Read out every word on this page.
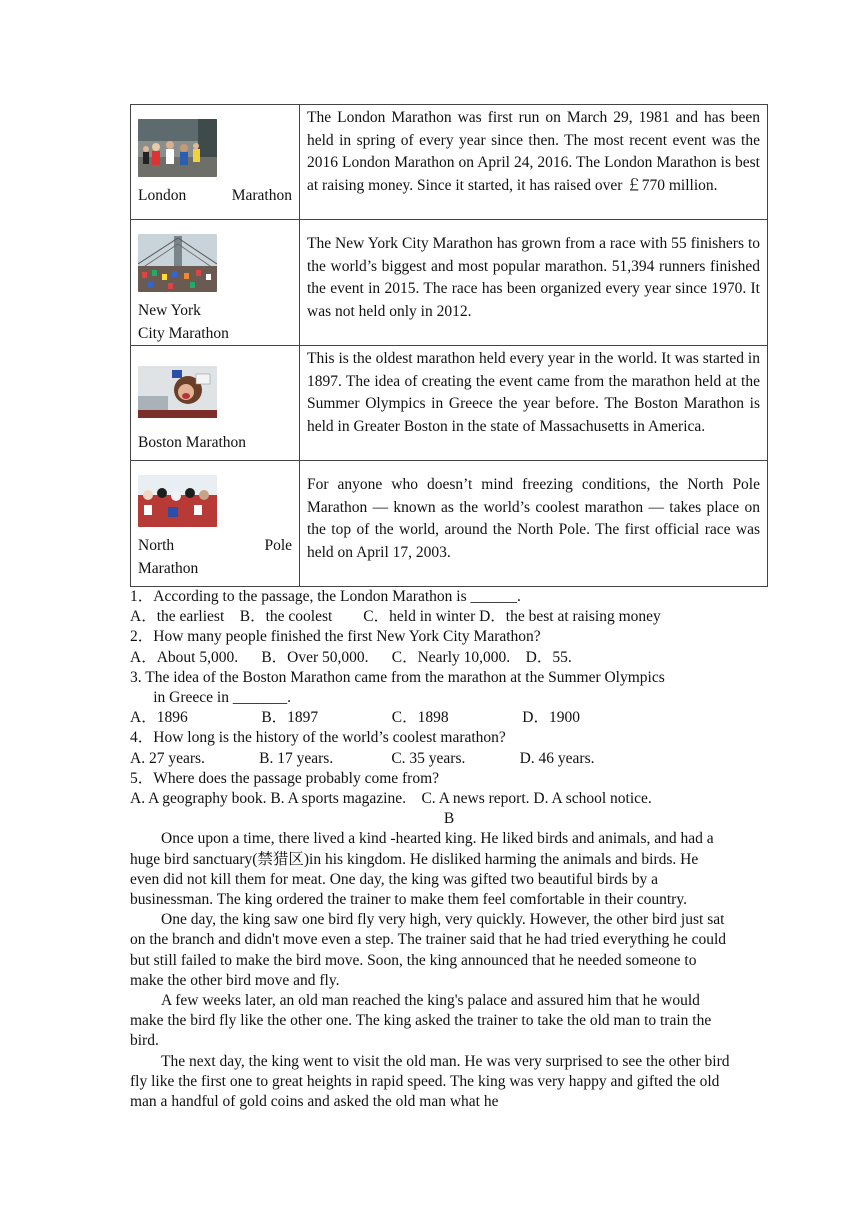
London　Marathon	The London Marathon was first run on March 29, 1981 and has been held in spring of every year since then. The most recent event was the 2016 London Marathon on April 24, 2016. The London Marathon is best at raising money. Since it started, it has raised over ￡770 million.

New York
City Marathon	The New York City Marathon has grown from a race with 55 finishers to the world’s biggest and most popular marathon. 51,394 runners finished the event in 2015. The race has been organized every year since 1970. It was not held only in 2012.

Boston Marathon	This is the oldest marathon held every year in the world. It was started in 1897. The idea of creating the event came from the marathon held at the Summer Olympics in Greece the year before. The Boston Marathon is held in Greater Boston in the state of Massachusetts in America.

North Pole
Marathon	For anyone who doesn’t mind freezing conditions, the North Pole Marathon — known as the world’s coolest marathon — takes place on the top of the world, around the North Pole. The first official race was held on April 17, 2003.

1．According to the passage, the London Marathon is ______.

A．the earliest    B．the coolest        C．held in winter D．the best at raising money

2．How many people finished the first New York City Marathon?

A．About 5,000.      B．Over 50,000.      C．Nearly 10,000.    D．55.

3. The idea of the Boston Marathon came from the marathon at the Summer Olympics

in Greece in _______.

A．1896                   B．1897                   C．1898                   D．1900

4．How long is the history of the world’s coolest marathon?

A. 27 years.              B. 17 years.               C. 35 years.              D. 46 years.

5．Where does the passage probably come from?

A. A geography book. B. A sports magazine.    C. A news report. D. A school notice.

B

Once upon a time, there lived a kind -hearted king. He liked birds and animals, and had a huge bird sanctuary(禁猎区)in his kingdom. He disliked harming the animals and birds. He even did not kill them for meat. One day, the king was gifted two beautiful birds by a businessman. The king ordered the trainer to make them feel comfortable in their country.

One day, the king saw one bird fly very high, very quickly. However, the other bird just sat on the branch and didn't move even a step. The trainer said that he had tried everything he could but still failed to make the bird move. Soon, the king announced that he needed someone to make the other bird move and fly.

A few weeks later, an old man reached the king's palace and assured him that he would make the bird fly like the other one. The king asked the trainer to take the old man to train the bird.

The next day, the king went to visit the old man. He was very surprised to see the other bird fly like the first one to great heights in rapid speed. The king was very happy and gifted the old man a handful of gold coins and asked the old man what he
